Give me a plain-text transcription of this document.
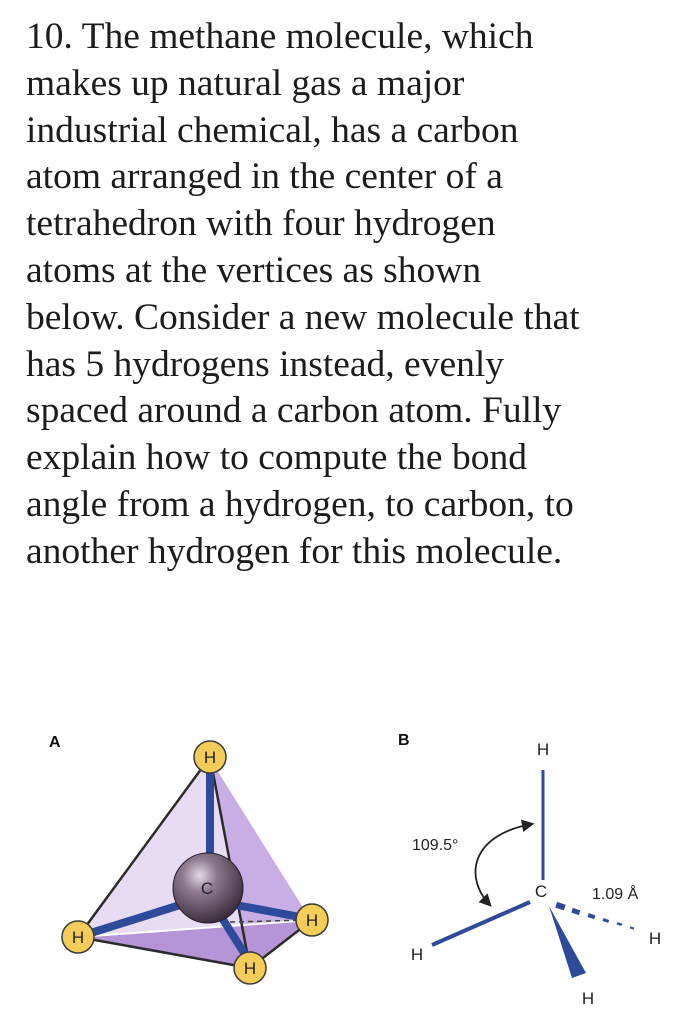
10. The methane molecule, which
makes up natural gas a major
industrial chemical, has a carbon
atom arranged in the center of a
tetrahedron with four hydrogen
atoms at the vertices as shown
below. Consider a new molecule that
has 5 hydrogens instead, evenly
spaced around a carbon atom. Fully
explain how to compute the bond
angle from a hydrogen, to carbon, to
another hydrogen for this molecule.
A
C
H
H
H
H
B	H
C
H
H
H
109.5°
1.09 Å
